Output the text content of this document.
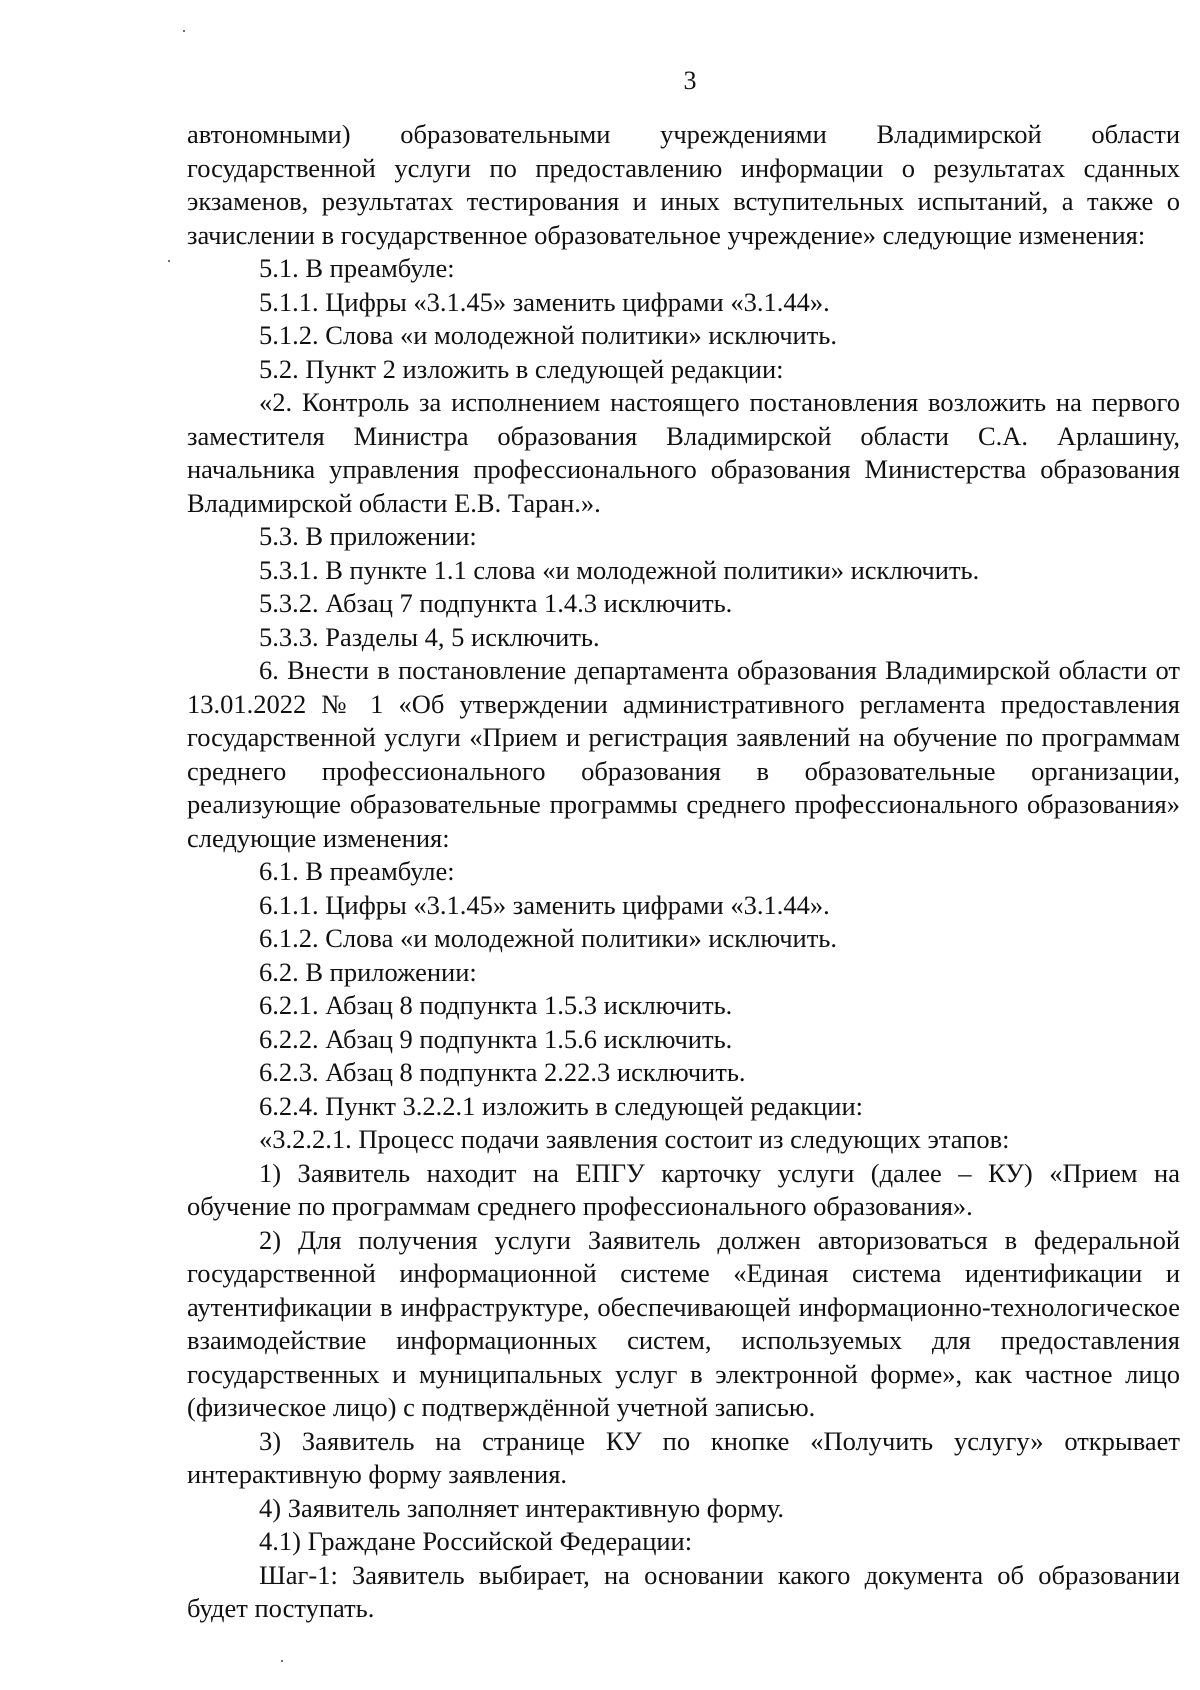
3

автономными) образовательными учреждениями Владимирской области государственной услуги по предоставлению информации о результатах сданных экзаменов, результатах тестирования и иных вступительных испытаний, а также о зачислении в государственное образовательное учреждение» следующие изменения:

5.1. В преамбуле:

5.1.1. Цифры «3.1.45» заменить цифрами «3.1.44».

5.1.2. Слова «и молодежной политики» исключить.

5.2. Пункт 2 изложить в следующей редакции:

«2. Контроль за исполнением настоящего постановления возложить на первого заместителя Министра образования Владимирской области С.А. Арлашину, начальника управления профессионального образования Министерства образования Владимирской области Е.В. Таран.».

5.3. В приложении:

5.3.1. В пункте 1.1 слова «и молодежной политики» исключить.

5.3.2. Абзац 7 подпункта 1.4.3 исключить.

5.3.3. Разделы 4, 5 исключить.

6. Внести в постановление департамента образования Владимирской области от 13.01.2022 № 1 «Об утверждении административного регламента предоставления государственной услуги «Прием и регистрация заявлений на обучение по программам среднего профессионального образования в образовательные организации, реализующие образовательные программы среднего профессионального образования» следующие изменения:

6.1. В преамбуле:

6.1.1. Цифры «3.1.45» заменить цифрами «3.1.44».

6.1.2. Слова «и молодежной политики» исключить.

6.2. В приложении:

6.2.1. Абзац 8 подпункта 1.5.3 исключить.

6.2.2. Абзац 9 подпункта 1.5.6 исключить.

6.2.3. Абзац 8 подпункта 2.22.3 исключить.

6.2.4. Пункт 3.2.2.1 изложить в следующей редакции:

«3.2.2.1. Процесс подачи заявления состоит из следующих этапов:

1) Заявитель находит на ЕПГУ карточку услуги (далее – КУ) «Прием на обучение по программам среднего профессионального образования».

2) Для получения услуги Заявитель должен авторизоваться в федеральной государственной информационной системе «Единая система идентификации и аутентификации в инфраструктуре, обеспечивающей информационно-технологическое взаимодействие информационных систем, используемых для предоставления государственных и муниципальных услуг в электронной форме», как частное лицо (физическое лицо) с подтверждённой учетной записью.

3) Заявитель на странице КУ по кнопке «Получить услугу» открывает интерактивную форму заявления.

4) Заявитель заполняет интерактивную форму.

4.1) Граждане Российской Федерации:

Шаг-1: Заявитель выбирает, на основании какого документа об образовании будет поступать.
